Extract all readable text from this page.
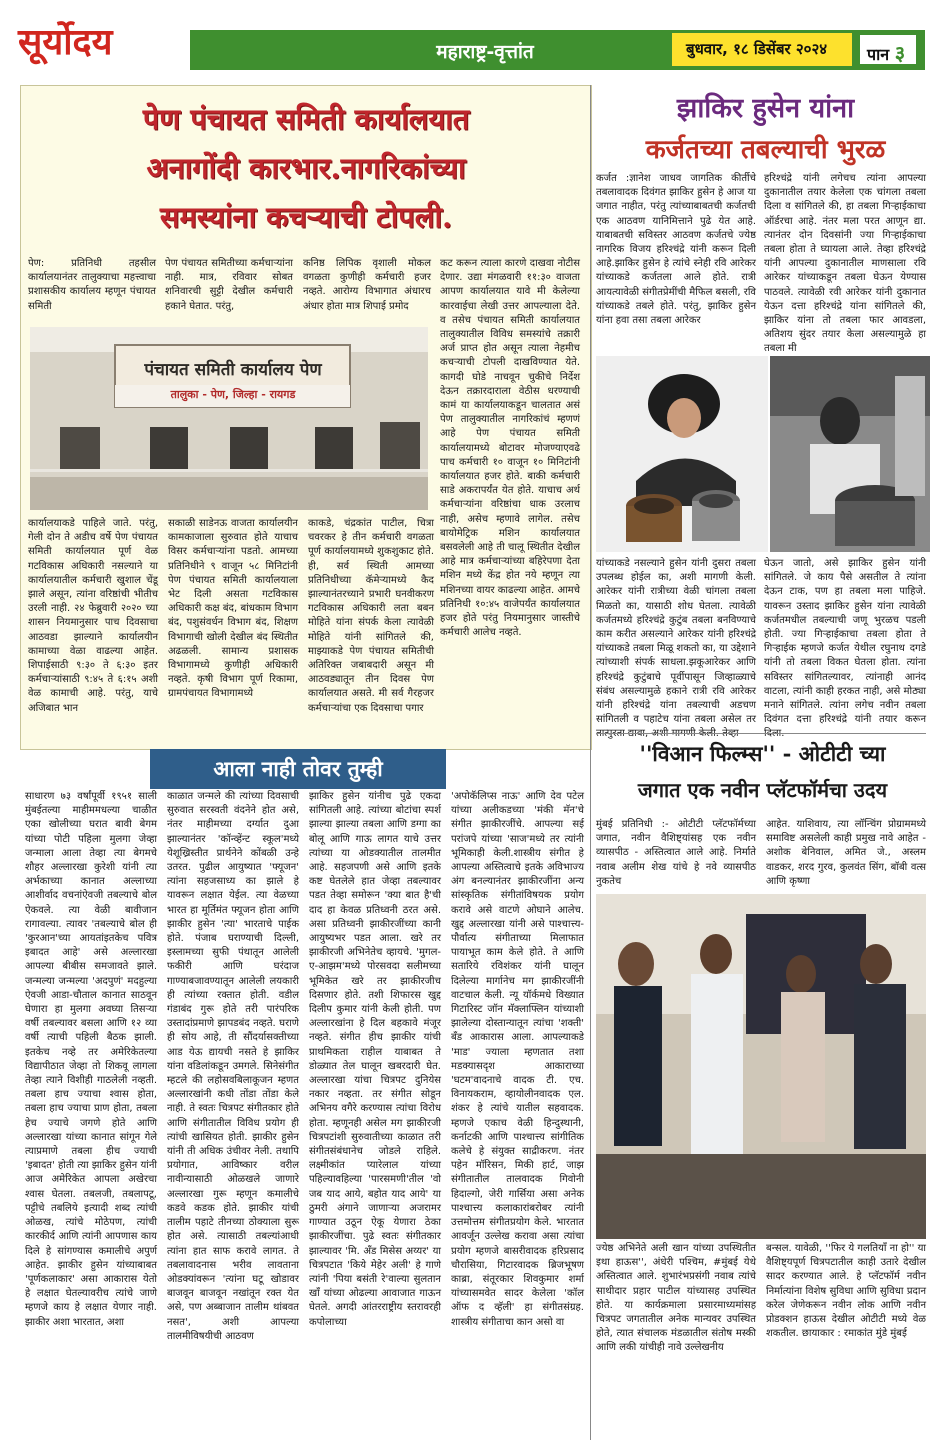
सूर्योदय	महाराष्ट्र-वृत्तांत	बुधवार, १८ डिसेंबर २०२४	पान ३
पेण पंचायत समिती कार्यालयात
अनागोंदी कारभार.नागरिकांच्या
समस्यांना कचऱ्याची टोपली.
पेण: प्रतिनिधी तहसील कार्यालयानंतर तालुक्याचा महत्त्वाचा प्रशासकीय कार्यालय म्हणून पंचायत समिती
पेण पंचायत समितीच्या कर्मचाऱ्यांना नाही. मात्र, रविवार सोबत शनिवारची सुट्टी देखील कर्मचारी हकाने घेतात. परंतु,
कनिष्ठ लिपिक वृशाली मोकल वगळता कुणीही कर्मचारी हजर नव्हते. आरोग्य विभागात अंधारच अंधार होता मात्र शिपाई प्रमोद
कट करून त्याला कारणे दाखवा नोटीस देणार. उद्या मंगळवारी ११:३० वाजता आपण कार्यालयात यावे मी केलेल्या कारवाईचा लेखी उत्तर आपल्याला देते. व तसेच पंचायत समिती कार्यालयात तालुक्यातील विविध समस्यांचे तक्रारी अर्ज प्राप्त होत असून त्याला नेहमीच कचऱ्याची टोपली दाखविण्यात येते. कागदी घोडे नाचवून चुकीचे निर्देश देऊन तक्रारदाराला वेठीस धरण्याची कामं या कार्यालयाकडून चालतात असं पेण तालुक्यातील नागरिकांचं म्हणणं आहे पेण पंचायत समिती कार्यालयामध्ये बोटावर मोजण्याएवढे पाच कर्मचारी १० वाजून १० मिनिटांनी कार्यालयात हजर होते. बाकी कर्मचारी साडे अकरापर्यंत येत होते. याचाच अर्थ कर्मचाऱ्यांना वरिष्ठांचा धाक उरलाच नाही, असेच म्हणावे लागेल. तसेच बायोमेट्रिक मशिन कार्यालयात बसवलेली आहे ती चालू स्थितीत देखील आहे मात्र कर्मचाऱ्यांच्या बहिरेपणा देता मशिन मध्ये केंद्र होत नये म्हणून त्या मशिनच्या वायर काढल्या आहेत. आमचे प्रतिनिधी १०:४५ वाजेपर्यंत कार्यालयात हजर होते परंतु नियमानुसार जास्तीचे कर्मचारी आलेच नव्हते.
पंचायत समिती कार्यालय पेण
तालुका - पेण, जिल्हा - रायगड
कार्यालयाकडे पाहिले जाते. परंतु, गेली दोन ते अडीच वर्षे पेण पंचायत समिती कार्यालयात पूर्ण वेळ गटविकास अधिकारी नसल्याने या कार्यालयातील कर्मचारी खुशाल चेंडू झाले असून, त्यांना वरिष्ठांची भीतीच उरली नाही. २४ फेब्रुवारी २०२० च्या शासन नियमानुसार पाच दिवसाचा आठवडा झाल्याने कार्यालयीन कामाच्या वेळा वाढल्या आहेत. शिपाईसाठी ९:३० ते ६:३० इतर कर्मचाऱ्यांसाठी ९:४५ ते ६:१५ अशी वेळ कामाची आहे. परंतु, याचे अजिबात भान
सकाळी साडेनऊ वाजता कार्यालयीन कामकाजाला सुरुवात होते याचाच विसर कर्मचाऱ्यांना पडतो. आमच्या प्रतिनिधीने ९ वाजून ५८ मिनिटांनी पेण पंचायत समिती कार्यालयाला भेट दिली असता गटविकास अधिकारी कक्ष बंद, बांधकाम विभाग बंद, पशुसंवर्धन विभाग बंद, शिक्षण विभागाची खोली देखील बंद स्थितीत अढळली. सामान्य प्रशासक विभागामध्ये कुणीही अधिकारी नव्हते. कृषी विभाग पूर्ण रिकामा, ग्रामपंचायत विभागामध्ये
काकडे, चंद्रकांत पाटील, चित्रा चवरकर हे तीन कर्मचारी वगळता पूर्ण कार्यालयामध्ये शुकशुकाट होते. ही, सर्व स्थिती आमच्या प्रतिनिधीच्या कॅमेऱ्यामध्ये कैद झाल्यानंतरच्याने प्रभारी घनवीकरण गटविकास अधिकारी लता बबन मोहिते यांना संपर्क केला त्यावेळी मोहिते यांनी सांगितले की, माझ्याकडे पेण पंचायत समितीची अतिरिक्त जबाबदारी असून मी आठवड्यातून तीन दिवस पेण कार्यालयात असते. मी सर्व गैरहजर कर्मचाऱ्यांचा एक दिवसाचा पगार
झाकिर हुसेन यांना
कर्जतच्या तबल्याची भुरळ
कर्जत :ज्ञानेश जाधव जागतिक कीर्तीचे तबलावादक दिवंगत झाकिर हुसेन हे आज या जगात नाहीत, परंतु त्यांच्याबाबतची कर्जतची एक आठवण यानिमित्ताने पुढे येत आहे. याबाबतची सविस्तर आठवण कर्जतचे ज्येष्ठ नागरिक विजय हरिश्चंद्रे यांनी करून दिली आहे.झाकिर हुसेन हे त्यांचे स्नेही रवि आरेकर यांच्याकडे कर्जतला आले होते. रात्री आयत्यावेळी संगीतप्रेमींची मैफिल बसली, रवि यांच्याकडे तबले होते. परंतु, झाकिर हुसेन यांना हवा तसा तबला आरेकर
हरिश्चंद्रे यांनी लगेचच त्यांना आपल्या दुकानातील तयार केलेला एक चांगला तबला दिला व सांगितले की, हा तबला गिऱ्हाईकाचा ऑर्डरचा आहे. नंतर मला परत आणून द्या. त्यानंतर दोन दिवसांनी ज्या गिऱ्हाईकाचा तबला होता ते घ्यायला आले. तेव्हा हरिश्चंद्रे यांनी आपल्या दुकानातील माणसाला रवि आरेकर यांच्याकडून तबला घेऊन येण्यास पाठवले. त्यावेळी रवी आरेकर यांनी दुकानात येऊन दत्ता हरिश्चंद्रे यांना सांगितले की, झाकिर यांना तो तबला फार आवडला, अतिशय सुंदर तयार केला असल्यामुळे हा तबला मी
यांच्याकडे नसल्याने हुसेन यांनी दुसरा तबला उपलब्ध होईल का, अशी मागणी केली. आरेकर यांनी रात्रीच्या वेळी चांगला तबला मिळतो का, यासाठी शोध घेतला. त्यावेळी कर्जतमध्ये हरिश्चंद्रे कुटुंब तबला बनविण्याचे काम करीत असल्याने आरेकर यांनी हरिश्चंद्रे यांच्याकडे तबला मिळू शकतो का, या उद्देशाने त्यांच्याशी संपर्क साधला.झकूआरेकर आणि हरिश्चंद्रे कुटुंबाचे पूर्वीपासून जिव्हाळ्याचे संबंध असल्यामुळे हकाने रात्री रवि आरेकर यांनी हरिश्चंद्रे यांना तबल्याची अडचण सांगितली व पहाटेच यांना तबला असेल तर
घेऊन जातो, असे झाकिर हुसेन यांनी सांगितले. जे काय पैसे असतील ते त्यांना देऊन टाक, पण हा तबला मला पाहिजे. यावरून उस्ताद झाकिर हुसेन यांना त्यावेळी कर्जतमधील तबल्याची जणू भुरळच पडली होती. ज्या गिऱ्हाईकाचा तबला होता ते गिऱ्हाईक म्हणजे कर्जत येथील रघुनाथ दगडे यांनी तो तबला विकत घेतला होता. त्यांना सविस्तर सांगितल्यावर, त्यांनाही आनंद वाटला, त्यांनी काही हरकत नाही, असे मोठ्या मनाने सांगितले. त्यांना लगेच नवीन तबला दिवंगत दत्ता हरिश्चंद्रे यांनी तयार करून
आला नाही तोवर तुम्ही
साधारण ७३ वर्षांपूर्वी १९५१ साली मुंबईतल्या माहीममधल्या चाळीत एका खोलीच्या घरात बावी बेगम यांच्या पोटी पहिला मुलगा जेव्हा जन्माला आला तेव्हा त्या बेगमचे शौहर अल्लारखा कुरेशी यांनी त्या अर्भकाच्या कानात अल्लाच्या आशीर्वाद वचनांऐवजी तबल्याचे बोल ऐकवले. त्या वेळी बावीजान रागावल्या. त्यावर 'तबल्याचे बोल ही 'कुरआन'च्या आयतांइतकेच पवित्र इबादत आहे' असे अल्लारखा आपल्या बीबीस समजावते झाले. जन्मल्या जन्मल्या 'अदपुणं' मदहुल्या ऐवजी आडा-चौताल कानात साठवून घेणारा हा मुलगा अवघ्या तिसऱ्या वर्षी तबल्यावर बसला आणि १२ व्या वर्षी त्याची पहिली बैठक झाली. इतकेच नव्हे तर अमेरिकेतल्या विद्यापीठात जेव्हा तो शिकवू लागला तेव्हा त्याने विशीही गाठलेली नव्हती. तबला हाच ज्याचा श्वास होता, तबला हाच ज्याचा प्राण होता, तबला हेच ज्याचे जगणे होते आणि अल्लारखा यांच्या कानात सांगून गेले त्याप्रमाणे तबला हीच ज्याची 'इबादत' होती त्या झाकिर हुसेन यांनी आज अमेरिकेत आपला अखेरचा श्वास घेतला. तबलजी, तबलापटू, पट्टीचे तबलिये इत्यादी शब्द त्यांची ओळख, त्यांचे मोठेपण, त्यांची कारकीर्द आणि त्यांनी आपणास काय दिले हे सांगण्यास कमालीचे अपुर्ण आहेत. झाकीर हुसेन यांच्याबाबत 'पूर्णकलाकार' असा आकारास येतो हे लक्षात घेतल्यावरीच त्यांचे जाणे म्हणजे काय हे लक्षात येणार नाही. झाकीर अशा भारतात, अशा
काळात जन्मले की त्यांच्या दिवसाची सुरुवात सरस्वती वंदनेने होत असे, नंतर माहीमच्या दर्ग्यात दुआ झाल्यानंतर 'कॉन्व्हेंन्ट स्कूल'मध्ये येशूख्रिस्तीत प्रार्थनेने कोंबळी उन्हे उतरत. पुढील आयुष्यात 'फ्यूजन' त्यांना सहजसाध्य का झाले हे यावरून लक्षात येईल. त्या वेळच्या भारत हा मूर्तिमंत फ्यूजन होता आणि झाकीर हुसेन 'त्या' भारताचे पाईक होते. पंजाब घराण्याची दिल्ली, इस्लामच्या सुफी पंथातून आलेली फकीरी आणि घरंदाज गाण्याबजावण्यातून आलेली लयकारी ही त्यांच्या रक्तात होती. वडील गंडाबंद गुरू होते तरी पारंपरिक उस्तादांप्रमाणे झापडबंद नव्हते. घराणे ही सोय आहे, ती सौंदर्यासक्तीच्या आड येऊ द्यायची नसते हे झाकिर यांना वडिलांकडून उमगले. सिनेसंगीत म्हटले की लहोसवबिलाकूजन म्हणत अल्लारखांनी कधी तोंडा तोंडा केले नाही. ते स्वतः चित्रपट संगीतकार होते आणि संगीतातील विविध प्रयोग ही त्यांची खासियत होती. झाकीर हुसेन यांनी ती अधिक उंचीवर नेली. तथापि प्रयोगात, आविष्कार वरील नावीन्यासाठी ओळखले जाणारे अल्लारखा गुरू म्हणून कमालीचे कडवे कडक होते. झाकीर यांची तालीम पहाटे तीनच्या ठोक्याला सुरू होत असे. त्यासाठी तबल्यांआधी त्यांना हात साफ करावे लागत. ते तबलावादनास भरीव लावताना ओडक्यांवरून 'त्यांना घटू खोडावर बाजवून बाजवून नखांतून रक्त येत असे, पण अब्बाजान तालीम थांबवत नसत', अशी आपल्या तालमीविषयीची आठवण
झाकिर हुसेन यांनीच पुढे एकदा सांगितली आहे. त्यांच्या बोटांचा स्पर्श झाल्या झाल्या तबला आणि डग्गा का बोलू आणि गाऊ लागत याचे उत्तर त्यांच्या या ओडक्यातील तालमीत आहे. सहजपणी असे आणि इतके कष्ट घेतलेले हात जेव्हा तबल्यावर पडत तेव्हा समोरून 'क्या बात है'ची दाद हा केवळ प्रतिध्वनी ठरत असे. असा प्रतिध्वनी झाकीरजींच्या कानी आयुष्यभर पडत आला. खरे तर झाकीरजी अभिनेतेच व्हायचे. 'मुगल-ए-आझम'मध्ये पोरसवदा सलीमच्या भूमिकेत खरे तर झाकीरजीच दिसणार होते. तशी शिफारस खुद्द दिलीप कुमार यांनी केली होती. पण अल्लारखांना हे दिल बहकावे मंजूर नव्हते. संगीत हीच झाकीर यांची प्राथमिकता राहील याबाबत ते डोळ्यात तेल घालून खबरदारी घेत. अल्लारखा यांचा चित्रपट दुनियेस नकार नव्हता. तर संगीत सोडून अभिनय वगैरे करण्यास त्यांचा विरोध होता. म्हणूनही असेल मग झाकीरजी चित्रपटांशी सुरुवातीच्या काळात तरी संगीतसंबंधानेच जोडले राहिले. लक्ष्मीकांत प्यारेलाल यांच्या पहिल्यावहिल्या 'पारसमणी'तील 'वो जब याद आये, बहोत याद आये' या ठुमरी अंगाने जाणाऱ्या अजरामर गाण्यात उठून ऐकू येणारा ठेका झाकीरजींचा. पुढे स्वतः संगीतकार झाल्यावर 'मि. ॲंड मिसेस अय्यर' या चित्रपटात 'किये मेहेर अली' हे गाणे त्यांनी 'पिया बसंती रे'वाल्या सुलतान खाँ यांच्या ओढल्या आवाजात गाऊन घेतले. अगदी आंतरराष्ट्रीय स्तरावरही कपोलाच्या
'अपोकॅलिप्स नाऊ' आणि देव पटेल यांच्या अलीकडच्या 'मंकी मॅन'चे संगीत झाकीरजींचे. आपल्या सई परांजपे यांच्या 'साज'मध्ये तर त्यांनी भूमिकाही केली.शास्त्रीय संगीत हे आपल्या अस्तित्वाचे इतके अविभाज्य अंग बनल्यानंतर झाकीरजींना अन्य सांस्कृतिक संगीतांविषयक प्रयोग करावे असे वाटणे ओघाने आलेच. खुद्द अल्लारखा यांनी असे पाश्चात्त्य-पौर्वात्य संगीताच्या मिलाफात पायाभूत काम केले होते. ते आणि सतारिये रविशंकर यांनी घालून दिलेल्या मार्गानेच मग झाकीरजींनी वाटचाल केली. न्यू यॉर्कमधे विख्यात गिटारिस्ट जॉन मॅक्लाफ्लिन यांच्याशी झालेल्या दोस्तान्यातून त्यांचा 'शक्ती' बँड आकारास आला. आपल्याकडे 'माड' ज्याला म्हणतात तशा मडक्यासदृश आकाराच्या 'घटम'वादनाचे वादक टी. एच. विनायकराम, व्हायोलीनवादक एल. शंकर हे त्यांचे यातील सहवादक. म्हणजे एकाच वेळी हिन्दुस्थानी, कर्नाटकी आणि पाश्चात्त्य सांगीतिक कलेचे हे संयुक्त साद्रीकरण. नंतर पहेन मॉरिसन, मिकी हार्ट, जाझ संगीतातील तालवादक गिवोनी हिदाल्गो, जेरी गार्सिया असा अनेक पाश्चात्त्य कलाकारांबरोबर त्यांनी उत्तमोत्तम संगीतप्रयोग केले. भारतात आवर्जून उल्लेख करावा असा त्यांचा प्रयोग म्हणजे बासरीवादक हरिप्रसाद चौरासिया, गिटारवादक ब्रिजभूषण काब्रा, संतूरकार शिवकुमार शर्मा यांच्यासमवेत सादर केलेला 'कॉल ऑफ द व्हॅली' हा संगीतसंग्रह. शास्त्रीय संगीताचा कान असो वा
''विआन फिल्म्स'' - ओटीटी च्या
जगात एक नवीन प्लॅटफॉर्मचा उदय
मुंबई प्रतिनिधी :- ओटीटी प्लॅटफॉर्मच्या जगात, नवीन वैशिष्ट्यांसह एक नवीन व्यासपीठ - अस्तित्वात आले आहे. निर्माते नवाब अलीम शेख यांचे हे नवे व्यासपीठ नुकतेच
आहेत. याशिवाय, त्या लॉन्चिंग प्रोग्राममध्ये समाविष्ट असलेली काही प्रमुख नावे आहेत - अशोक बेनिवाल, अमित जे., अस्लम वाडकर, शरद गुरव, कुलवंत सिंग, बॉबी वत्स आणि कृष्णा
ज्येष्ठ अभिनेते अली खान यांच्या उपस्थितीत इथा हाऊस'', अंधेरी पश्चिम, #मुंबई येथे अस्तित्वात आले. शुभारंभप्रसंगी नवाब त्यांचे साथीदार प्रहार पाटील यांच्यासह उपस्थित होते. या कार्यक्रमाला प्रसारमाध्यमांसह चित्रपट जगतातील अनेक मान्यवर उपस्थित होते, त्यात संचालक मंडळातील संतोष मस्की आणि लकी यांचीही नावे उल्लेखनीय
बन्सल. यावेळी, ''फिर ये गलतियाँ ना हो'' या वैशिष्ट्यपूर्ण चित्रपटातील काही उतारे देखील सादर करण्यात आले. हे प्लॅटफॉर्म नवीन निर्मात्यांना विशेष सुविधा आणि सुविधा प्रदान करेल जेणेकरून नवीन लोक आणि नवीन प्रोडक्शन हाऊस देखील ओटीटी मध्ये वेळ शकतील. छायाकार : रमाकांत मुंडे मुंबई
